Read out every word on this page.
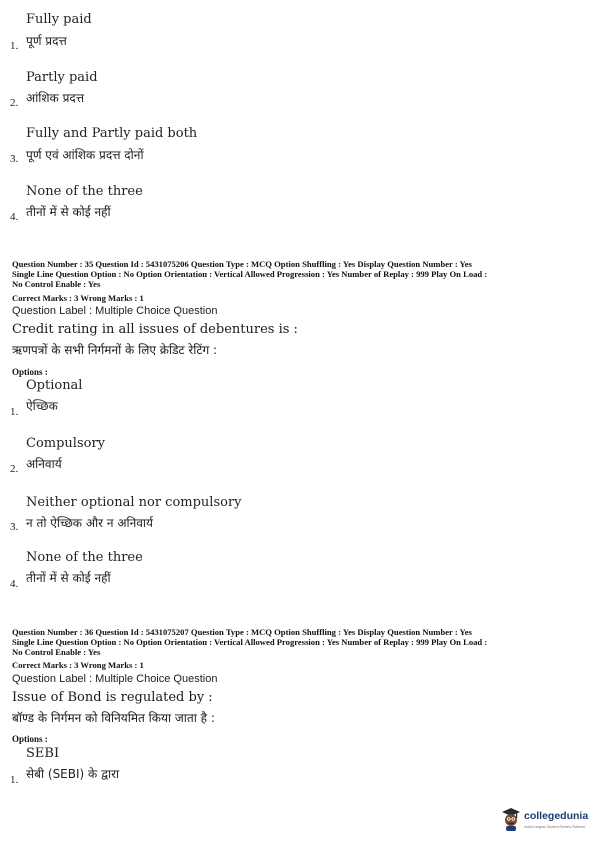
Fully paid
1. पूर्ण प्रदत्त
Partly paid
2. आंशिक प्रदत्त
Fully and Partly paid both
3. पूर्ण एवं आंशिक प्रदत्त दोनों
None of the three
4. तीनों में से कोई नहीं
Question Number : 35 Question Id : 5431075206 Question Type : MCQ Option Shuffling : Yes Display Question Number : Yes
Single Line Question Option : No Option Orientation : Vertical Allowed Progression : Yes Number of Replay : 999 Play On Load :
No Control Enable : Yes
Correct Marks : 3 Wrong Marks : 1
Question Label : Multiple Choice Question
Credit rating in all issues of debentures is :
ऋणपत्रों के सभी निर्गमनों के लिए क्रेडिट रेटिंग :
Options :
Optional
1. ऐच्छिक
Compulsory
2. अनिवार्य
Neither optional nor compulsory
3. न तो ऐच्छिक और न अनिवार्य
None of the three
4. तीनों में से कोई नहीं
Question Number : 36 Question Id : 5431075207 Question Type : MCQ Option Shuffling : Yes Display Question Number : Yes
Single Line Question Option : No Option Orientation : Vertical Allowed Progression : Yes Number of Replay : 999 Play On Load :
No Control Enable : Yes
Correct Marks : 3 Wrong Marks : 1
Question Label : Multiple Choice Question
Issue of Bond is regulated by :
बॉण्ड के निर्गमन को विनियमित किया जाता है :
Options :
SEBI
1. सेबी (SEBI) के द्वारा
collegedunia
India's largest Student Review Platform
